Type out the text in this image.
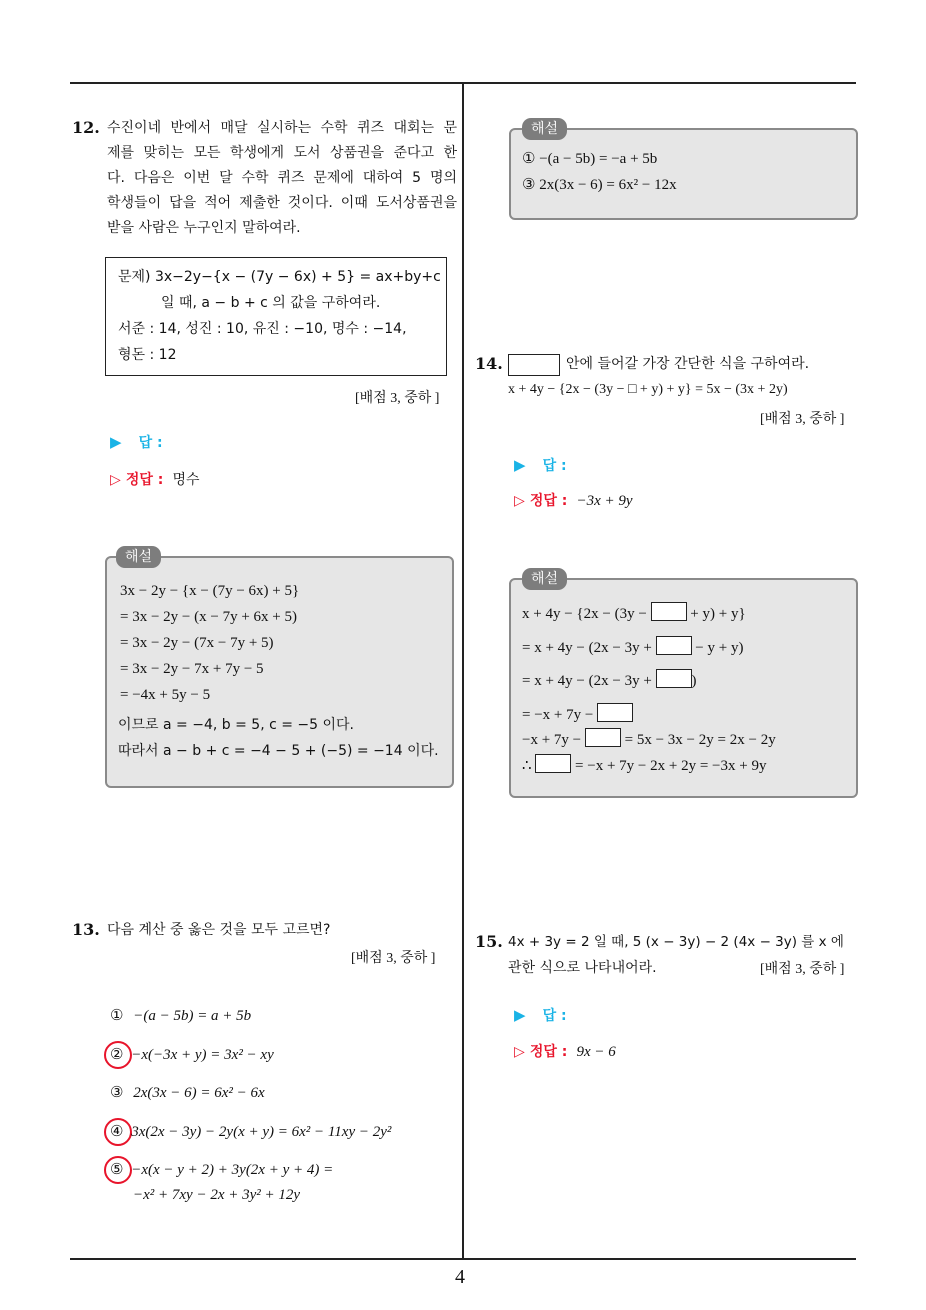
4
12. 수진이네 반에서 매달 실시하는 수학 퀴즈 대회는 문
제를 맞히는 모든 학생에게 도서 상품권을 준다고 한
다. 다음은 이번 달 수학 퀴즈 문제에 대하여 5 명의
학생들이 답을 적어 제출한 것이다. 이때 도서상품권을
받을 사람은 누구인지 말하여라.
문제) 3x−2y−{x − (7y − 6x) + 5} = ax+by+c
일 때, a − b + c 의 값을 구하여라.
서준 : 14, 성진 : 10, 유진 : −10, 명수 : −14,
형돈 : 12
[배점 3, 중하 ]
▶ 답 :
▷ 정답 : 명수
해설
3x − 2y − {x − (7y − 6x) + 5}
= 3x − 2y − (x − 7y + 6x + 5)
= 3x − 2y − (7x − 7y + 5)
= 3x − 2y − 7x + 7y − 5
= −4x + 5y − 5
이므로 a = −4, b = 5, c = −5 이다.
따라서 a − b + c = −4 − 5 + (−5) = −14 이다.
13. 다음 계산 중 옳은 것을 모두 고르면?
[배점 3, 중하 ]
① −(a − 5b) = a + 5b
② −x(−3x + y) = 3x² − xy
③ 2x(3x − 6) = 6x² − 6x
④ 3x(2x − 3y) − 2y(x + y) = 6x² − 11xy − 2y²
⑤ −x(x − y + 2) + 3y(2x + y + 4) =
−x² + 7xy − 2x + 3y² + 12y
해설
① −(a − 5b) = −a + 5b
③ 2x(3x − 6) = 6x² − 12x
14.	안에 들어갈 가장 간단한 식을 구하여라.
x + 4y − {2x − (3y − □ + y) + y} = 5x − (3x + 2y)
[배점 3, 중하 ]
▶ 답 :
▷ 정답 : −3x + 9y
해설
x + 4y − {2x − (3y −  + y) + y}
= x + 4y − (2x − 3y +  − y + y)
= x + 4y − (2x − 3y + )
= −x + 7y −
−x + 7y −  = 5x − 3x − 2y = 2x − 2y
∴  = −x + 7y − 2x + 2y = −3x + 9y
15. 4x + 3y = 2 일 때, 5 (x − 3y) − 2 (4x − 3y) 를 x 에
관한 식으로 나타내어라.	[배점 3, 중하 ]
▶ 답 :
▷ 정답 : 9x − 6
